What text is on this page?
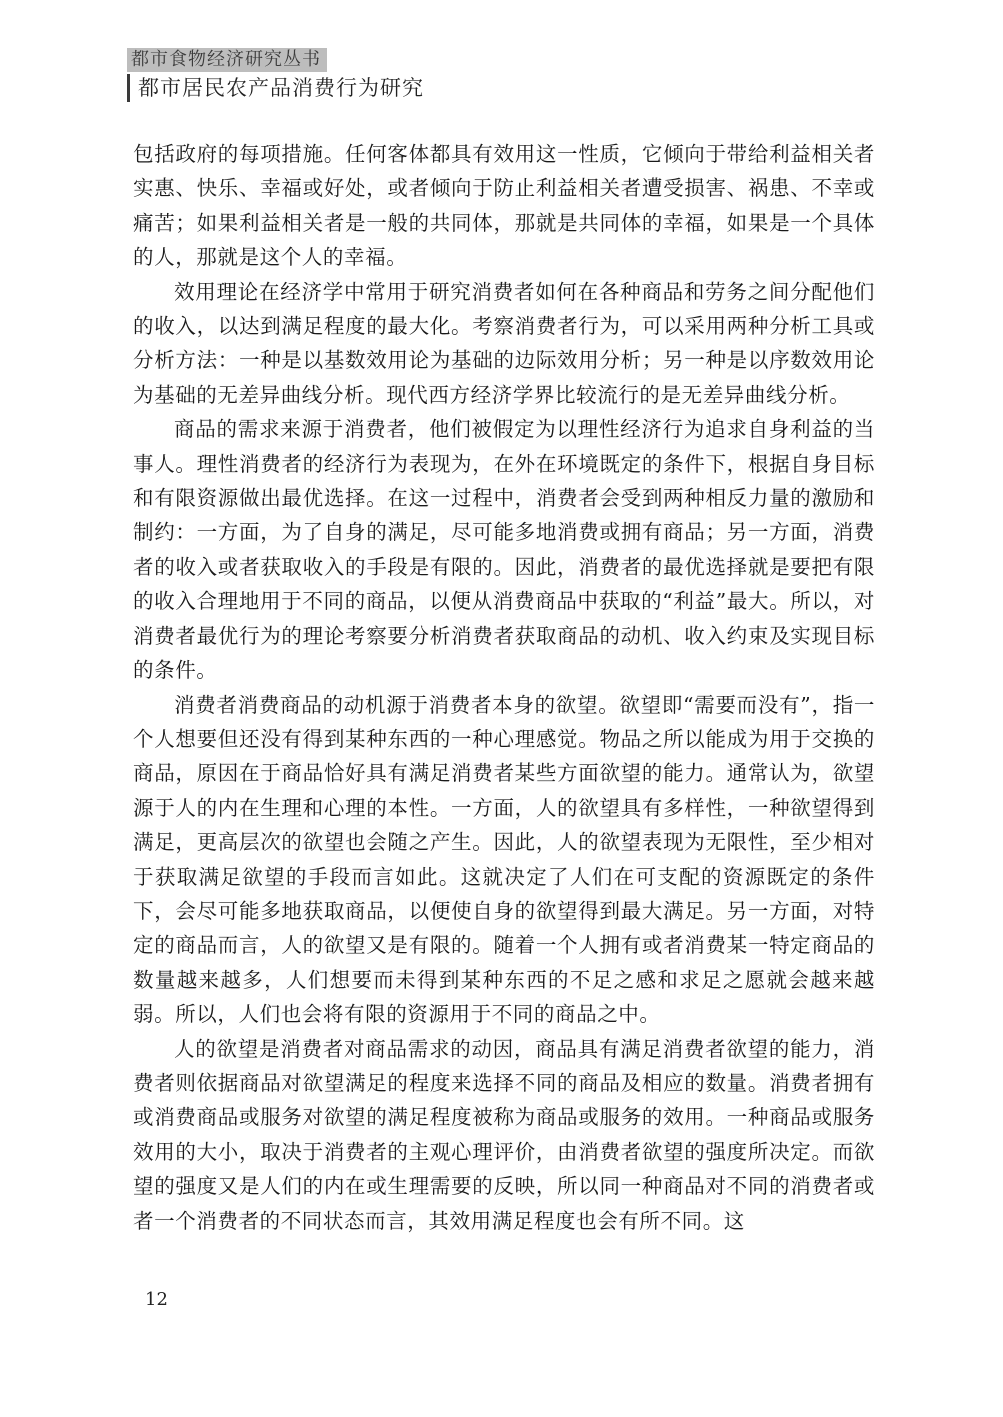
都市食物经济研究丛书
都市居民农产品消费行为研究

包括政府的每项措施。任何客体都具有效用这一性质，它倾向于带给利益相关者实惠、快乐、幸福或好处，或者倾向于防止利益相关者遭受损害、祸患、不幸或痛苦；如果利益相关者是一般的共同体，那就是共同体的幸福，如果是一个具体的人，那就是这个人的幸福。

效用理论在经济学中常用于研究消费者如何在各种商品和劳务之间分配他们的收入，以达到满足程度的最大化。考察消费者行为，可以采用两种分析工具或分析方法：一种是以基数效用论为基础的边际效用分析；另一种是以序数效用论为基础的无差异曲线分析。现代西方经济学界比较流行的是无差异曲线分析。

商品的需求来源于消费者，他们被假定为以理性经济行为追求自身利益的当事人。理性消费者的经济行为表现为，在外在环境既定的条件下，根据自身目标和有限资源做出最优选择。在这一过程中，消费者会受到两种相反力量的激励和制约：一方面，为了自身的满足，尽可能多地消费或拥有商品；另一方面，消费者的收入或者获取收入的手段是有限的。因此，消费者的最优选择就是要把有限的收入合理地用于不同的商品，以便从消费商品中获取的“利益”最大。所以，对消费者最优行为的理论考察要分析消费者获取商品的动机、收入约束及实现目标的条件。

消费者消费商品的动机源于消费者本身的欲望。欲望即“需要而没有”，指一个人想要但还没有得到某种东西的一种心理感觉。物品之所以能成为用于交换的商品，原因在于商品恰好具有满足消费者某些方面欲望的能力。通常认为，欲望源于人的内在生理和心理的本性。一方面，人的欲望具有多样性，一种欲望得到满足，更高层次的欲望也会随之产生。因此，人的欲望表现为无限性，至少相对于获取满足欲望的手段而言如此。这就决定了人们在可支配的资源既定的条件下，会尽可能多地获取商品，以便使自身的欲望得到最大满足。另一方面，对特定的商品而言，人的欲望又是有限的。随着一个人拥有或者消费某一特定商品的数量越来越多，人们想要而未得到某种东西的不足之感和求足之愿就会越来越弱。所以，人们也会将有限的资源用于不同的商品之中。

人的欲望是消费者对商品需求的动因，商品具有满足消费者欲望的能力，消费者则依据商品对欲望满足的程度来选择不同的商品及相应的数量。消费者拥有或消费商品或服务对欲望的满足程度被称为商品或服务的效用。一种商品或服务效用的大小，取决于消费者的主观心理评价，由消费者欲望的强度所决定。而欲望的强度又是人们的内在或生理需要的反映，所以同一种商品对不同的消费者或者一个消费者的不同状态而言，其效用满足程度也会有所不同。这

12
